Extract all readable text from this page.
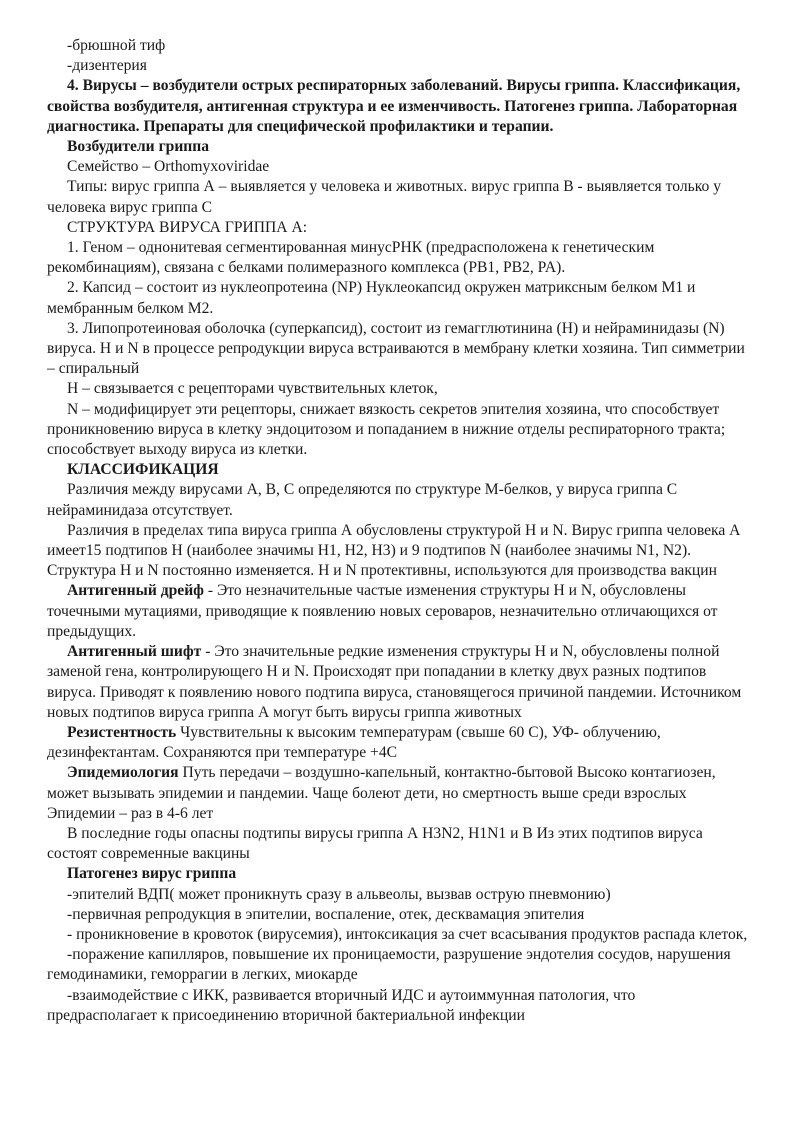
-брюшной тиф

-дизентерия

4. Вирусы – возбудители острых респираторных заболеваний. Вирусы гриппа. Классификация, свойства возбудителя, антигенная структура и ее изменчивость. Патогенез гриппа. Лабораторная диагностика. Препараты для специфической профилактики и терапии.

Возбудители гриппа

Семейство – Orthomyxoviridae

Типы: вирус гриппа А – выявляется у человека и животных. вирус гриппа В - выявляется только у человека вирус гриппа С

СТРУКТУРА ВИРУСА ГРИППА А:

1. Геном – однонитевая сегментированная минусРНК (предрасположена к генетическим рекомбинациям), связана с белками полимеразного комплекса (PB1, PB2, PA).

2. Капсид – состоит из нуклеопротеина (NP) Нуклеокапсид окружен матриксным белком М1 и мембранным белком М2.

3. Липопротеиновая оболочка (суперкапсид), состоит из гемагглютинина (Н) и нейраминидазы (N) вируса. Н и N в процессе репродукции вируса встраиваются в мембрану клетки хозяина. Тип симметрии – спиральный

Н – связывается с рецепторами чувствительных клеток,

N – модифицирует эти рецепторы, снижает вязкость секретов эпителия хозяина, что способствует проникновению вируса в клетку эндоцитозом и попаданием в нижние отделы респираторного тракта; способствует выходу вируса из клетки.

КЛАССИФИКАЦИЯ

Различия между вирусами А, В, С определяются по структуре М-белков, у вируса гриппа С нейраминидаза отсутствует.

Различия в пределах типа вируса гриппа А обусловлены структурой Н и N. Вирус гриппа человека А имеет15 подтипов Н (наиболее значимы Н1, Н2, Н3) и 9 подтипов N (наиболее значимы N1, N2). Структура Н и N постоянно изменяется. Н и N протективны, используются для производства вакцин

Антигенный дрейф - Это незначительные частые изменения структуры Н и N, обусловлены точечными мутациями, приводящие к появлению новых сероваров, незначительно отличающихся от предыдущих.

Антигенный шифт - Это значительные редкие изменения структуры Н и N, обусловлены полной заменой гена, контролирующего Н и N. Происходят при попадании в клетку двух разных подтипов вируса. Приводят к появлению нового подтипа вируса, становящегося причиной пандемии. Источником новых подтипов вируса гриппа А могут быть вирусы гриппа животных

Резистентность Чувствительны к высоким температурам (свыше 60 С), УФ- облучению, дезинфектантам. Сохраняются при температуре +4С

Эпидемиология Путь передачи – воздушно-капельный, контактно-бытовой Высоко контагиозен, может вызывать эпидемии и пандемии. Чаще болеют дети, но смертность выше среди взрослых Эпидемии – раз в 4-6 лет

В последние годы опасны подтипы вирусы гриппа А H3N2, H1N1 и В Из этих подтипов вируса состоят современные вакцины

Патогенез вирус гриппа

-эпителий ВДП( может проникнуть сразу в альвеолы, вызвав острую пневмонию)

-первичная репродукция в эпителии, воспаление, отек, десквамация эпителия

- проникновение в кровоток (вирусемия), интоксикация за счет всасывания продуктов распада клеток,

-поражение капилляров, повышение их проницаемости, разрушение эндотелия сосудов, нарушения гемодинамики, геморрагии в легких, миокарде

-взаимодействие с ИКК, развивается вторичный ИДС и аутоиммунная патология, что предрасполагает к присоединению вторичной бактериальной инфекции
